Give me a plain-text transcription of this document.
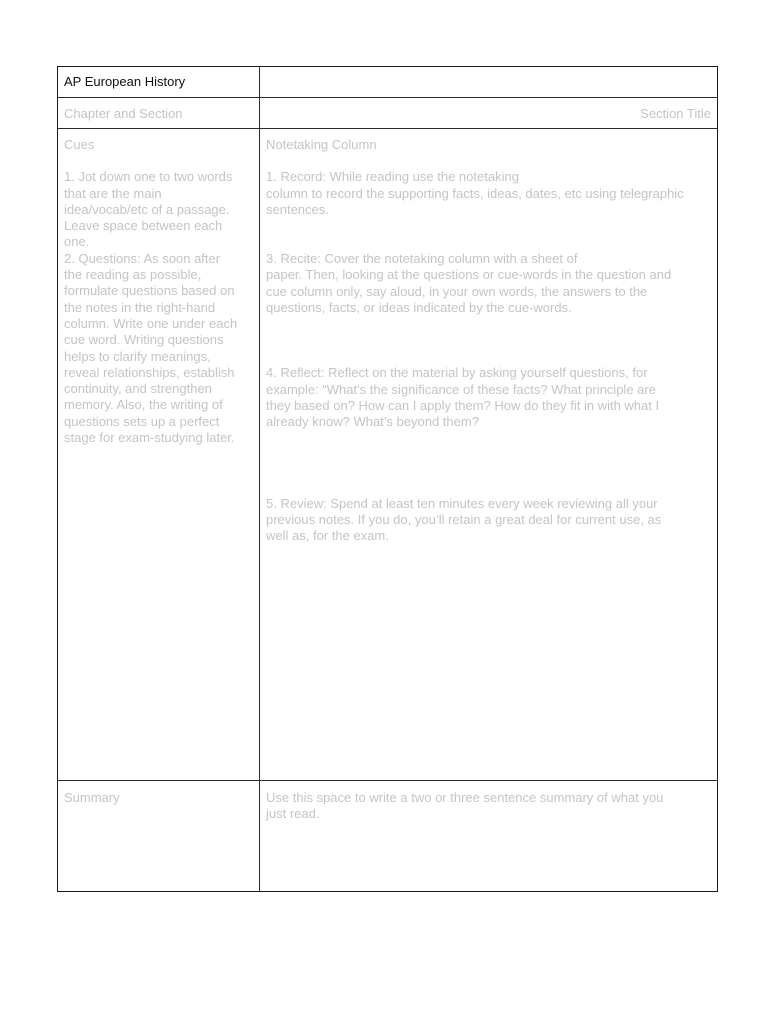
AP European History
Chapter and Section	Section Title
Cues
1. Jot down one to two words
that are the main
idea/vocab/etc of a passage.
Leave space between each
one.
2. Questions: As soon after
the reading as possible,
formulate questions based on
the notes in the right-hand
column. Write one under each
cue word. Writing questions
helps to clarify meanings,
reveal relationships, establish
continuity, and strengthen
memory. Also, the writing of
questions sets up a perfect
stage for exam-studying later.
Notetaking Column
1. Record: While reading use the notetaking
column to record the supporting facts, ideas, dates, etc using telegraphic
sentences.
3. Recite: Cover the notetaking column with a sheet of
paper. Then, looking at the questions or cue-words in the question and
cue column only, say aloud, in your own words, the answers to the
questions, facts, or ideas indicated by the cue-words.
4. Reflect: Reflect on the material by asking yourself questions, for
example: “What’s the significance of these facts? What principle are
they based on? How can I apply them? How do they fit in with what I
already know? What’s beyond them?
5. Review: Spend at least ten minutes every week reviewing all your
previous notes. If you do, you’ll retain a great deal for current use, as
well as, for the exam.
Summary	Use this space to write a two or three sentence summary of what you
just read.
